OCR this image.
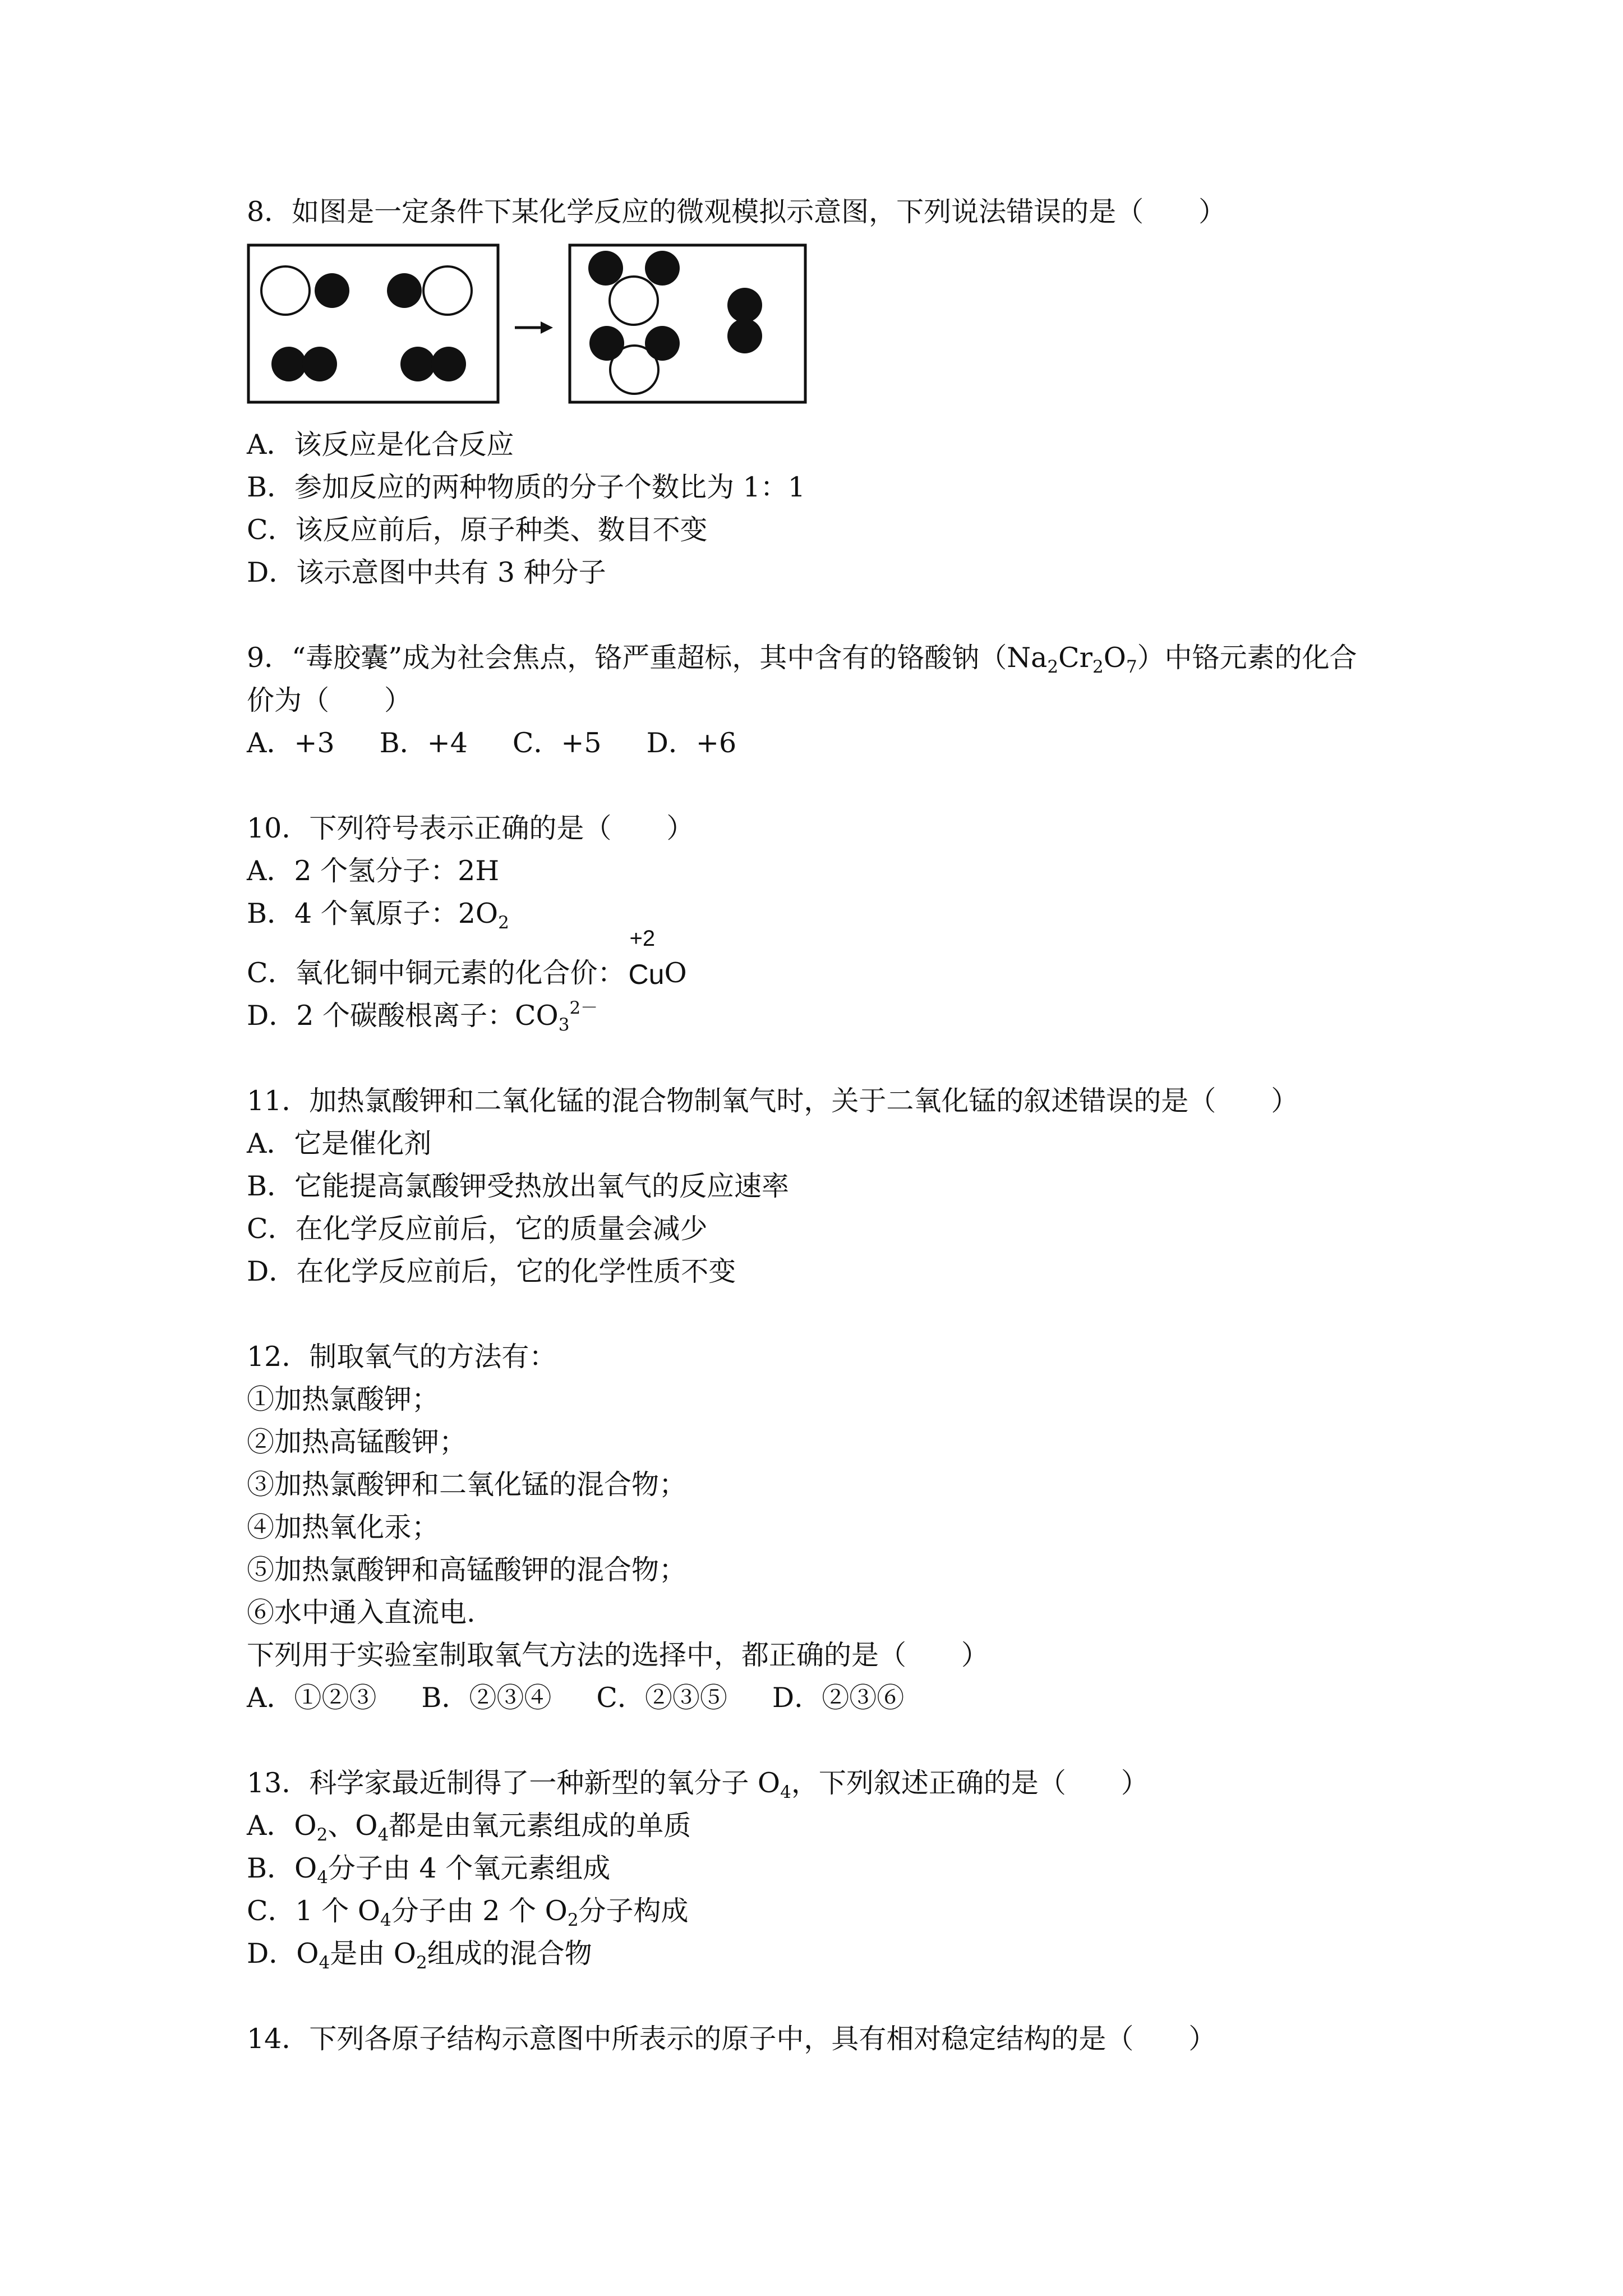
8．如图是一定条件下某化学反应的微观模拟示意图，下列说法错误的是（　　）
A．该反应是化合反应
B．参加反应的两种物质的分子个数比为 1：1
C．该反应前后，原子种类、数目不变
D．该示意图中共有 3 种分子
9．“毒胶囊”成为社会焦点，铬严重超标，其中含有的铬酸钠$(Na_2Cr_2O_7)$中铬元素的化合
价为（　　）
A．+3 B．+4 C．+5 D．+6
10．下列符号表示正确的是（　　）
A．2 个氢分子：2H
B．4 个氧原子：$2O_2$
C．氧化铜中铜元素的化合价：
+2
Cu O
D．2 个碳酸根离子：$CO_3^{2-}$
11．加热氯酸钾和二氧化锰的混合物制氧气时，关于二氧化锰的叙述错误的是（　　）
A．它是催化剂
B．它能提高氯酸钾受热放出氧气的反应速率
C．在化学反应前后，它的质量会减少
D．在化学反应前后，它的化学性质不变
12．制取氧气的方法有：
①加热氯酸钾；
②加热高锰酸钾；
③加热氯酸钾和二氧化锰的混合物；
④加热氧化汞；
⑤加热氯酸钾和高锰酸钾的混合物；
⑥水中通入直流电.
下列用于实验室制取氧气方法的选择中，都正确的是（　　）
A．①②③ B．②③④ C．②③⑤ D．②③⑥
13．科学家最近制得了一种新型的氧分子 $O_4$，下列叙述正确的是（　　）
A．$O_2$、$O_4$都是由氧元素组成的单质
B．$O_4$分子由 4 个氧元素组成
C．1 个 $O_4$分子由 2 个 $O_2$分子构成
D．$O_4$是由 $O_2$组成的混合物
14．下列各原子结构示意图中所表示的原子中，具有相对稳定结构的是（　　）
